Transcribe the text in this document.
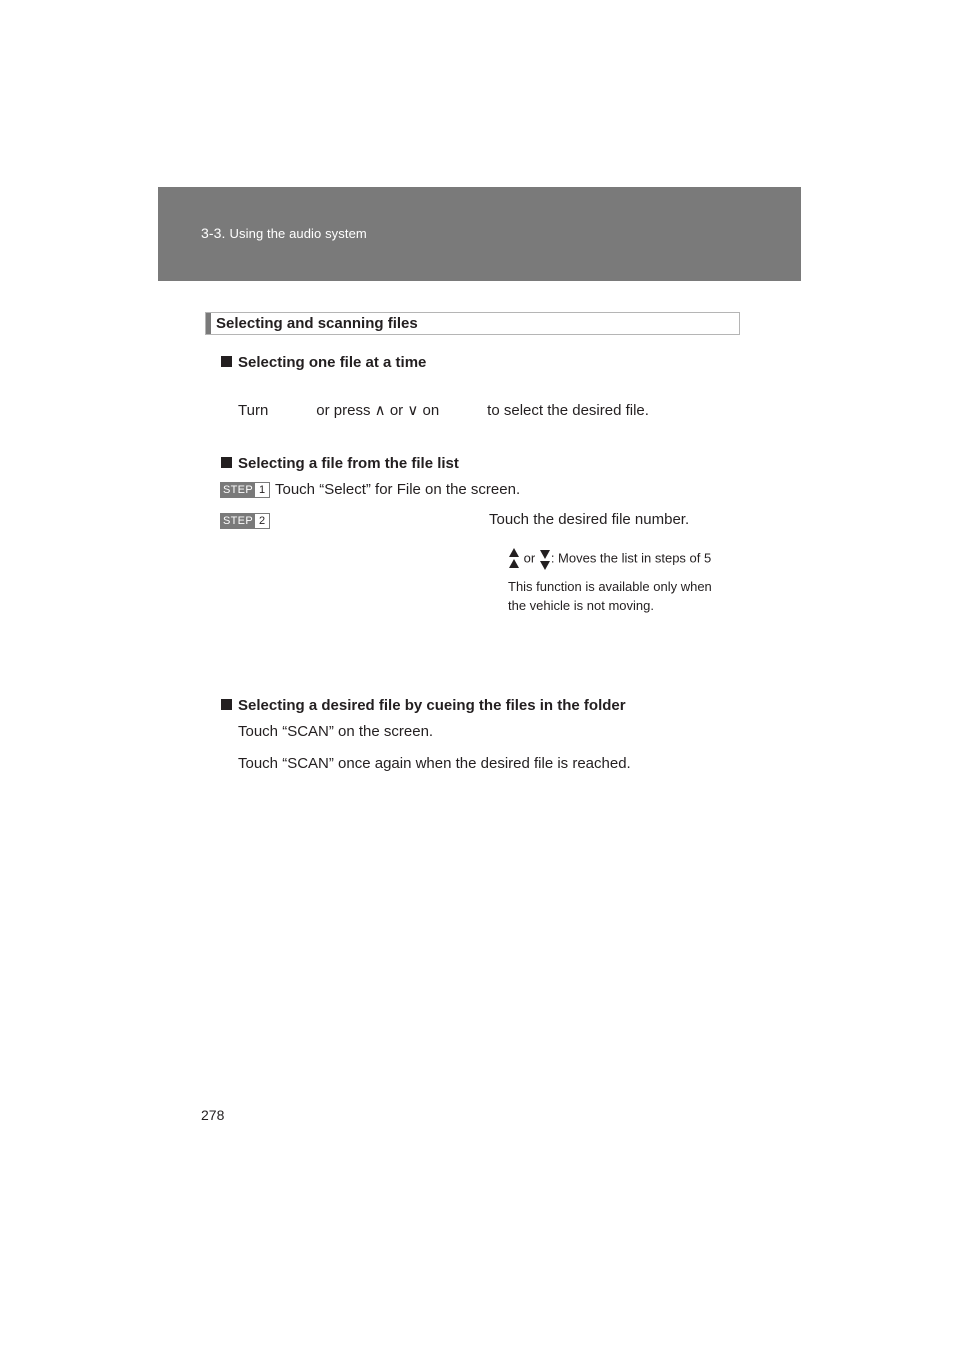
3-3. Using the audio system
Selecting and scanning files
Selecting one file at a time
Turn	or press ∧ or ∨ on	to select the desired file.
Selecting a file from the file list
STEP 1 Touch “Select” for File on the screen.
STEP 2	Touch the desired file number.
or : Moves the list in steps of 5
This function is available only when
the vehicle is not moving.
Selecting a desired file by cueing the files in the folder
Touch “SCAN” on the screen.
Touch “SCAN” once again when the desired file is reached.
278
